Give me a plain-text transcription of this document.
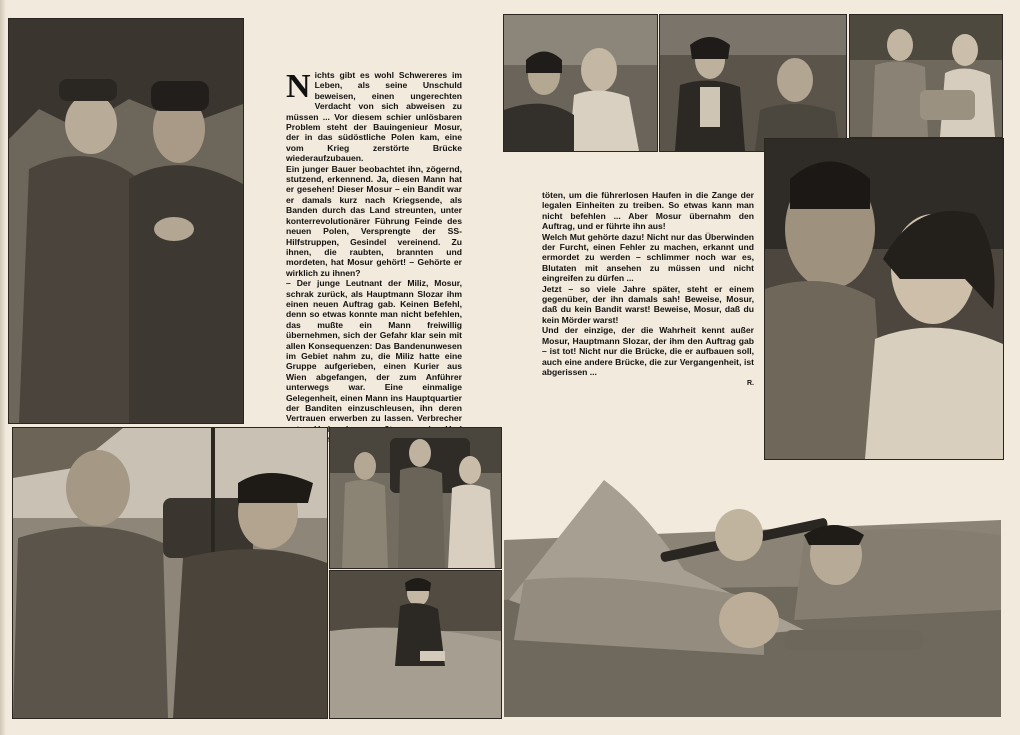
N ichts gibt es wohl Schwereres im Leben, als seine Unschuld beweisen, einen ungerechten Verdacht von sich abweisen zu müssen ... Vor diesem schier unlösbaren Problem steht der Bauingenieur Mosur, der in das südöstliche Polen kam, eine vom Krieg zerstörte Brücke wiederaufzubauen.

Ein junger Bauer beobachtet ihn, zögernd, stutzend, erkennend. Ja, diesen Mann hat er gesehen! Dieser Mosur – ein Bandit war er damals kurz nach Kriegsende, als Banden durch das Land streunten, unter konterrevolutionärer Führung Feinde des neuen Polen, Versprengte der SS-Hilfstruppen, Gesindel vereinend. Zu ihnen, die raubten, brannten und mordeten, hat Mosur gehört! – Gehörte er wirklich zu ihnen?

– Der junge Leutnant der Miliz, Mosur, schrak zurück, als Hauptmann Slozar ihm einen neuen Auftrag gab. Keinen Befehl, denn so etwas konnte man nicht befehlen, das mußte ein Mann freiwillig übernehmen, sich der Gefahr klar sein mit allen Konsequenzen: Das Bandenunwesen im Gebiet nahm zu, die Miliz hatte eine Gruppe aufgerieben, einen Kurier aus Wien abgefangen, der zum Anführer unterwegs war. Eine einmalige Gelegenheit, einen Mann ins Hauptquartier der Banditen einzuschleusen, ihn deren Vertrauen erwerben zu lassen. Verbrecher

töten, um die führerlosen Haufen in die Zange der legalen Einheiten zu treiben. So etwas kann man nicht befehlen ... Aber Mosur übernahm den Auftrag, und er führte ihn aus!

Welch Mut gehörte dazu! Nicht nur das Überwinden der Furcht, einen Fehler zu machen, erkannt und ermordet zu werden – schlimmer noch war es, Blutaten mit ansehen zu müssen und nicht eingreifen zu dürfen ...

Jetzt – so viele Jahre später, steht er einem gegenüber, der ihn damals sah! Beweise, Mosur, daß du kein Bandit warst! Beweise, Mosur, daß du kein Mörder warst!

Und der einzige, der die Wahrheit kennt außer Mosur, Hauptmann Slozar, der ihm den Auftrag gab – ist tot! Nicht nur die Brücke, die er aufbauen soll, auch eine andere Brücke, die zur Vergangenheit, ist abgerissen ...

R.
